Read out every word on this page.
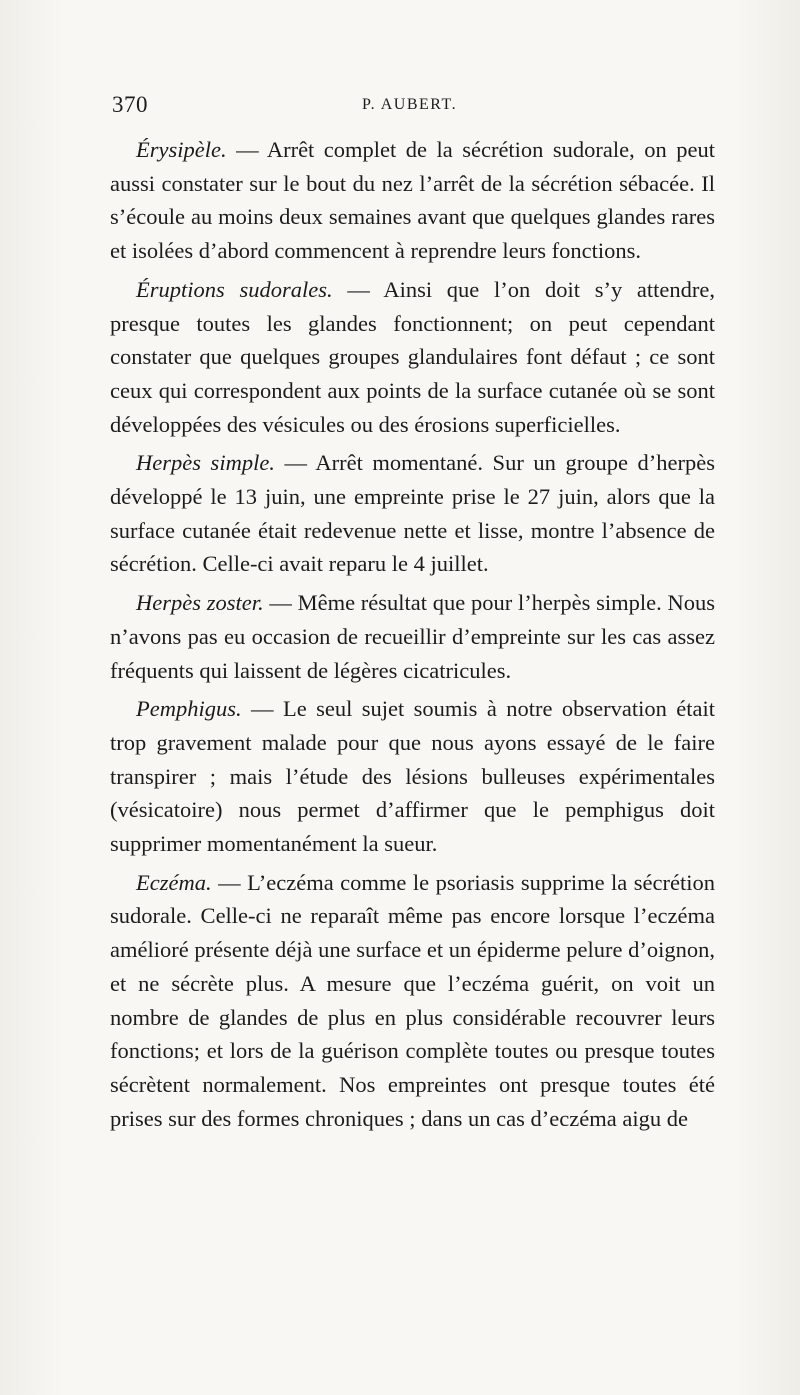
370	P. AUBERT.

Érysipèle. — Arrêt complet de la sécrétion sudorale, on peut aussi constater sur le bout du nez l’arrêt de la sécrétion sébacée. Il s’écoule au moins deux semaines avant que quelques glandes rares et isolées d’abord commencent à reprendre leurs fonctions.

Éruptions sudorales. — Ainsi que l’on doit s’y attendre, presque toutes les glandes fonctionnent; on peut cependant constater que quelques groupes glandulaires font défaut ; ce sont ceux qui correspondent aux points de la surface cutanée où se sont développées des vésicules ou des érosions superficielles.

Herpès simple. — Arrêt momentané. Sur un groupe d’herpès développé le 13 juin, une empreinte prise le 27 juin, alors que la surface cutanée était redevenue nette et lisse, montre l’absence de sécrétion. Celle-ci avait reparu le 4 juillet.

Herpès zoster. — Même résultat que pour l’herpès simple. Nous n’avons pas eu occasion de recueillir d’empreinte sur les cas assez fréquents qui laissent de légères cicatricules.

Pemphigus. — Le seul sujet soumis à notre observation était trop gravement malade pour que nous ayons essayé de le faire transpirer ; mais l’étude des lésions bulleuses expérimentales (vésicatoire) nous permet d’affirmer que le pemphigus doit supprimer momentanément la sueur.

Eczéma. — L’eczéma comme le psoriasis supprime la sécrétion sudorale. Celle-ci ne reparaît même pas encore lorsque l’eczéma amélioré présente déjà une surface et un épiderme pelure d’oignon, et ne sécrète plus. A mesure que l’eczéma guérit, on voit un nombre de glandes de plus en plus considérable recouvrer leurs fonctions; et lors de la guérison complète toutes ou presque toutes sécrètent normalement. Nos empreintes ont presque toutes été prises sur des formes chroniques ; dans un cas d’eczéma aigu de
